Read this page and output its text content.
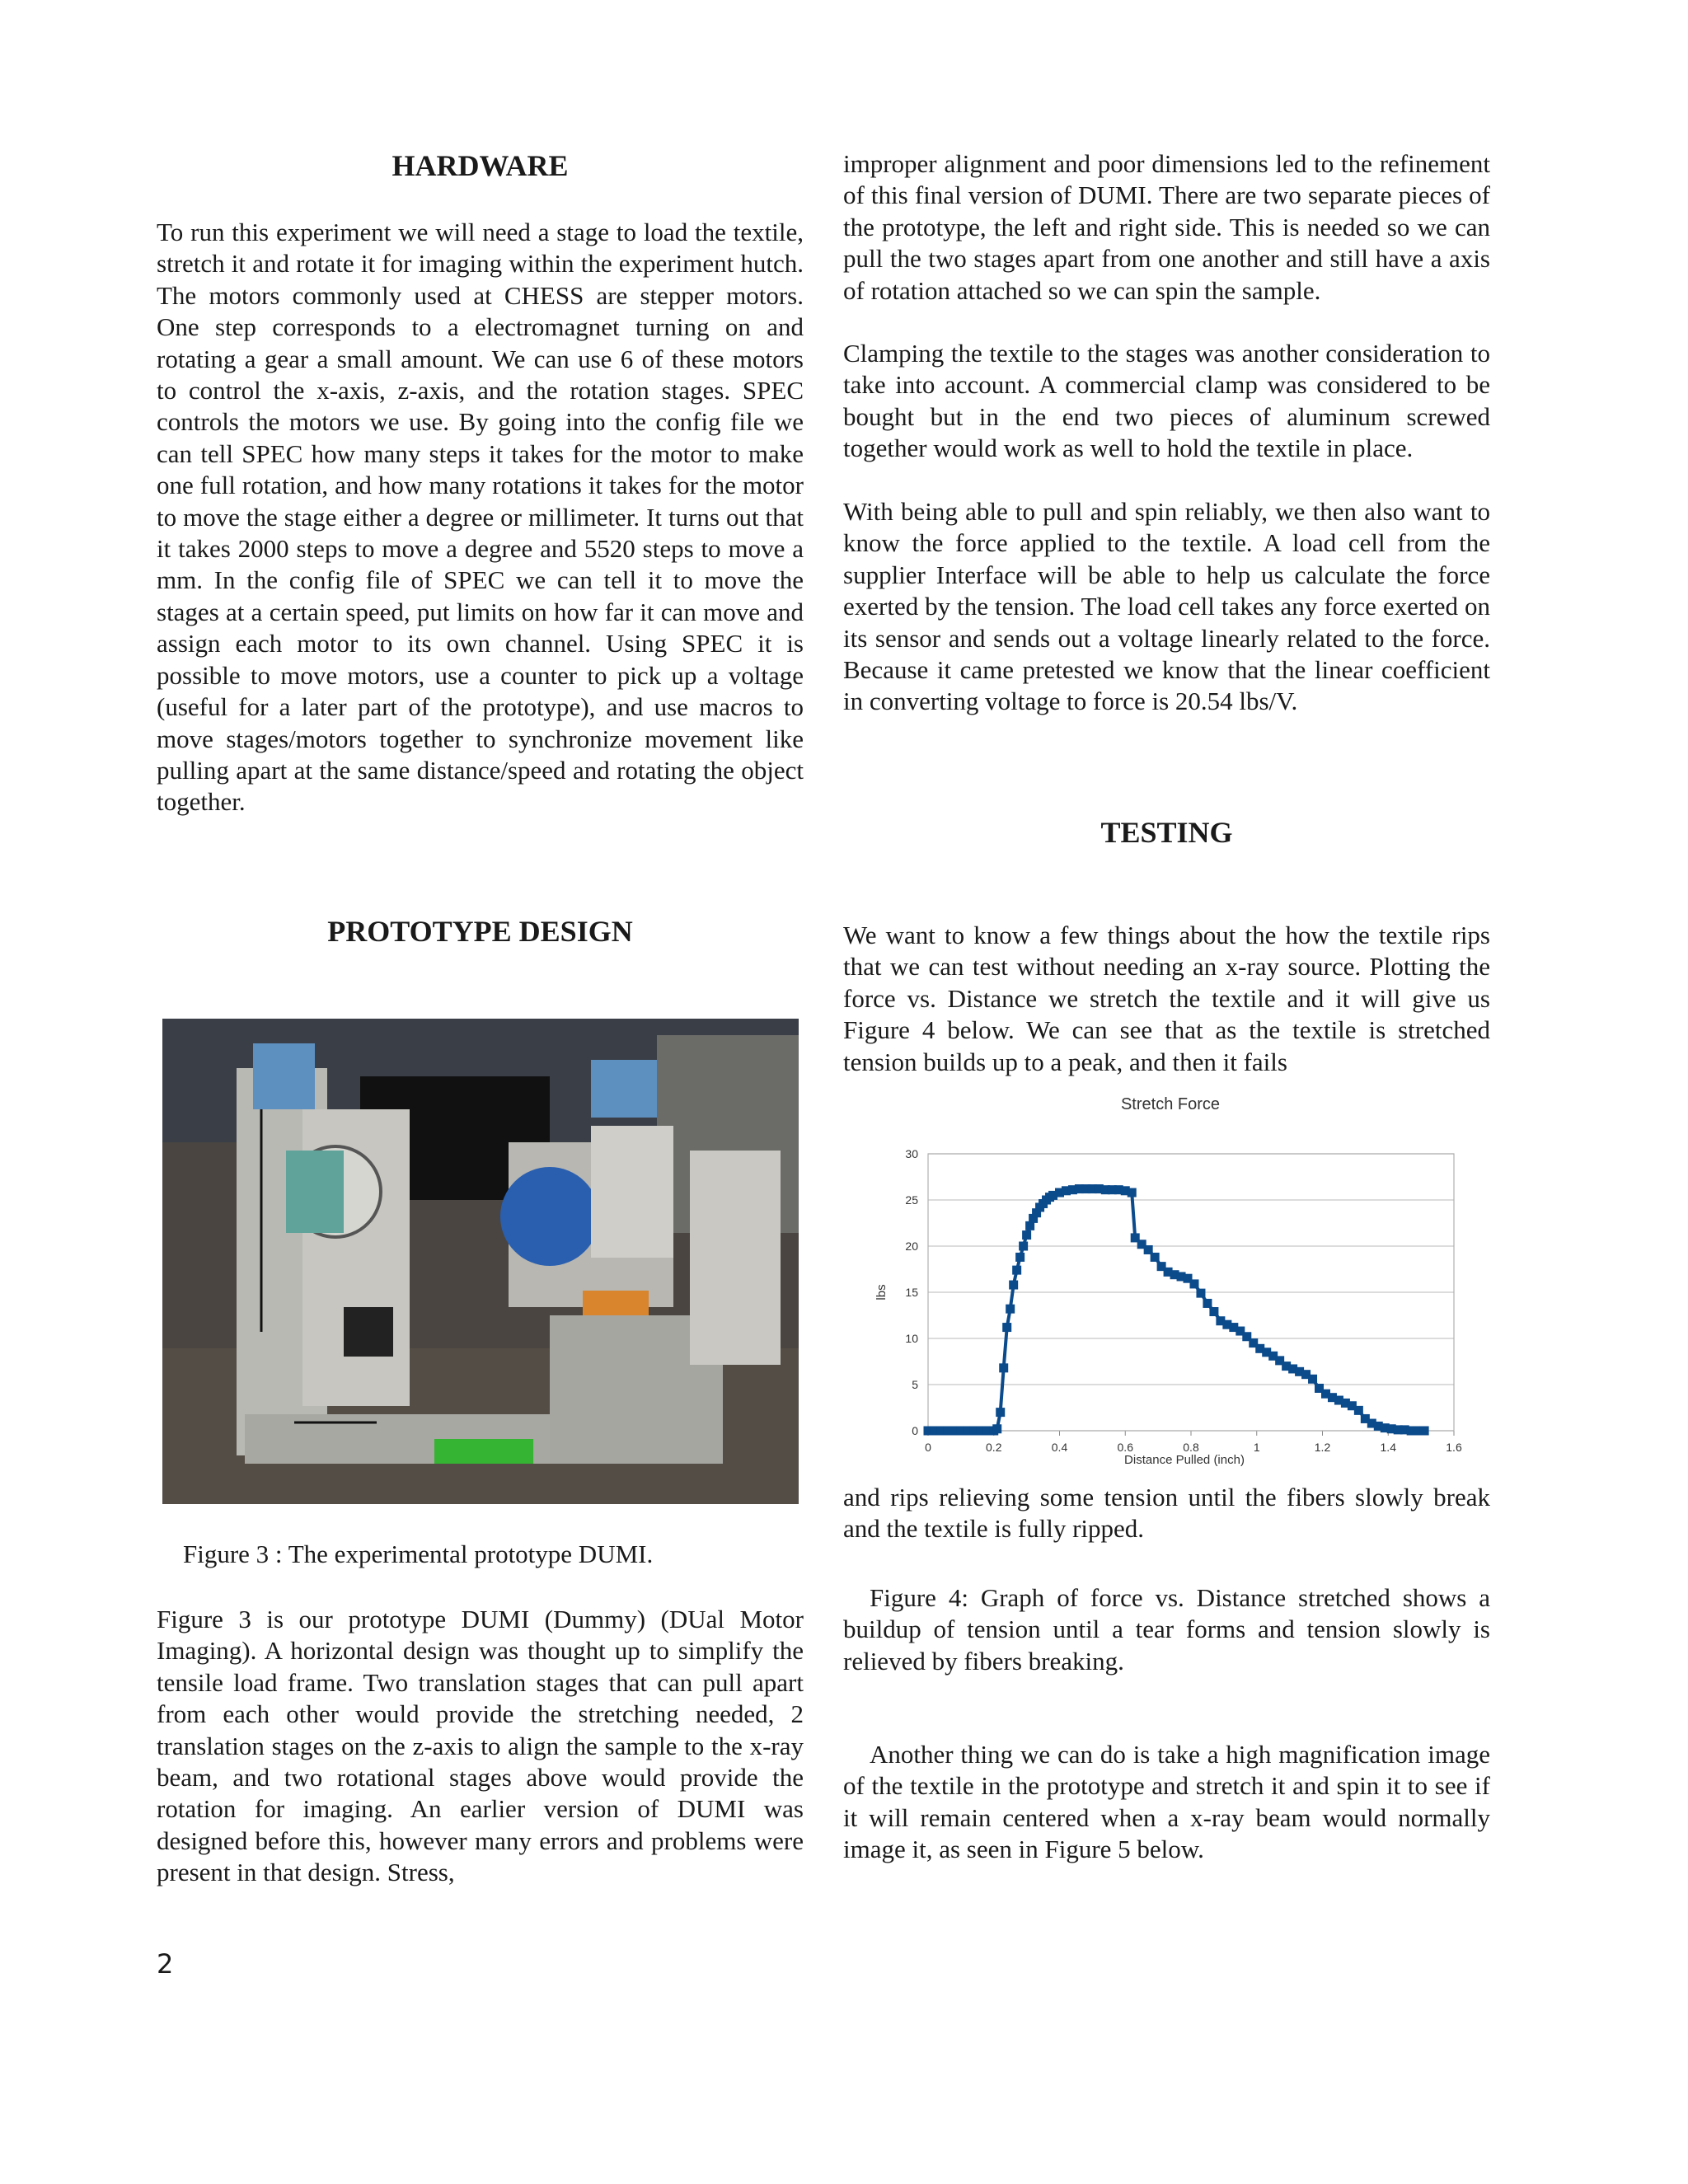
HARDWARE

To run this experiment we will need a stage to load the textile, stretch it and rotate it for imaging within the experiment hutch. The motors commonly used at CHESS are stepper motors. One step corresponds to a electromagnet turning on and rotating a gear a small amount. We can use 6 of these motors to control the x-axis, z-axis, and the rotation stages. SPEC controls the motors we use. By going into the config file we can tell SPEC how many steps it takes for the motor to make one full rotation, and how many rotations it takes for the motor to move the stage either a degree or millimeter. It turns out that it takes 2000 steps to move a degree and 5520 steps to move a mm. In the config file of SPEC we can tell it to move the stages at a certain speed, put limits on how far it can move and assign each motor to its own channel. Using SPEC it is possible to move motors, use a counter to pick up a voltage (useful for a later part of the prototype), and use macros to move stages/motors together to synchronize movement like pulling apart at the same distance/speed and rotating the object together.

PROTOTYPE DESIGN

Figure 3 : The experimental prototype DUMI.

Figure 3 is our prototype DUMI (Dummy) (DUal Motor Imaging). A horizontal design was thought up to simplify the tensile load frame. Two translation stages that can pull apart from each other would provide the stretching needed, 2 translation stages on the z-axis to align the sample to the x-ray beam, and two rotational stages above would provide the rotation for imaging. An earlier version of DUMI was designed before this, however many errors and problems were present in that design. Stress,

improper alignment and poor dimensions led to the refinement of this final version of DUMI. There are two separate pieces of the prototype, the left and right side. This is needed so we can pull the two stages apart from one another and still have a axis of rotation attached so we can spin the sample.

Clamping the textile to the stages was another consideration to take into account. A commercial clamp was considered to be bought but in the end two pieces of aluminum screwed together would work as well to hold the textile in place.

With being able to pull and spin reliably, we then also want to know the force applied to the textile. A load cell from the supplier Interface will be able to help us calculate the force exerted by the tension. The load cell takes any force exerted on its sensor and sends out a voltage linearly related to the force. Because it came pretested we know that the linear coefficient in converting voltage to force is 20.54 lbs/V.

TESTING

We want to know a few things about the how the textile rips that we can test without needing an x-ray source. Plotting the force vs. Distance we stretch the textile and it will give us Figure 4 below. We can see that as the textile is stretched tension builds up to a peak, and then it fails

Stretch Force
0
5
10
15
20
25
30
0	0.2	0.4	0.6	0.8	1	1.2	1.4	1.6
lbs
Distance Pulled (inch)

and rips relieving some tension until the fibers slowly break and the textile is fully ripped.

Figure 4: Graph of force vs. Distance stretched shows a buildup of tension until a tear forms and tension slowly is relieved by fibers breaking.

Another thing we can do is take a high magnification image of the textile in the prototype and stretch it and spin it to see if it will remain centered when a x-ray beam would normally image it, as seen in Figure 5 below.

2
